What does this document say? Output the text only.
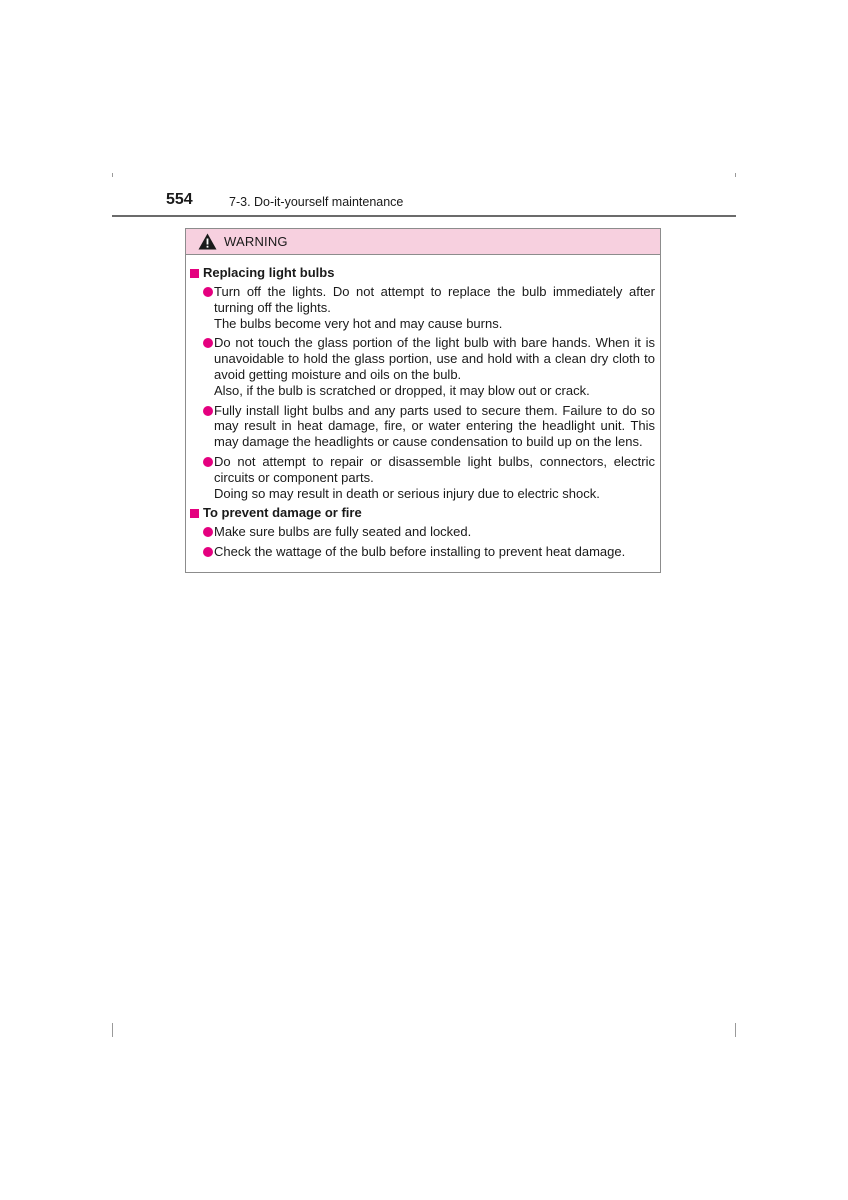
554	7-3. Do-it-yourself maintenance
WARNING
Replacing light bulbs

Turn off the lights. Do not attempt to replace the bulb immediately after turning off the lights.

The bulbs become very hot and may cause burns.

Do not touch the glass portion of the light bulb with bare hands. When it is unavoidable to hold the glass portion, use and hold with a clean dry cloth to avoid getting moisture and oils on the bulb.

Also, if the bulb is scratched or dropped, it may blow out or crack.

Fully install light bulbs and any parts used to secure them. Failure to do so may result in heat damage, fire, or water entering the headlight unit. This may damage the headlights or cause condensation to build up on the lens.

Do not attempt to repair or disassemble light bulbs, connectors, electric circuits or component parts.

Doing so may result in death or serious injury due to electric shock.

To prevent damage or fire

Make sure bulbs are fully seated and locked.

Check the wattage of the bulb before installing to prevent heat damage.
